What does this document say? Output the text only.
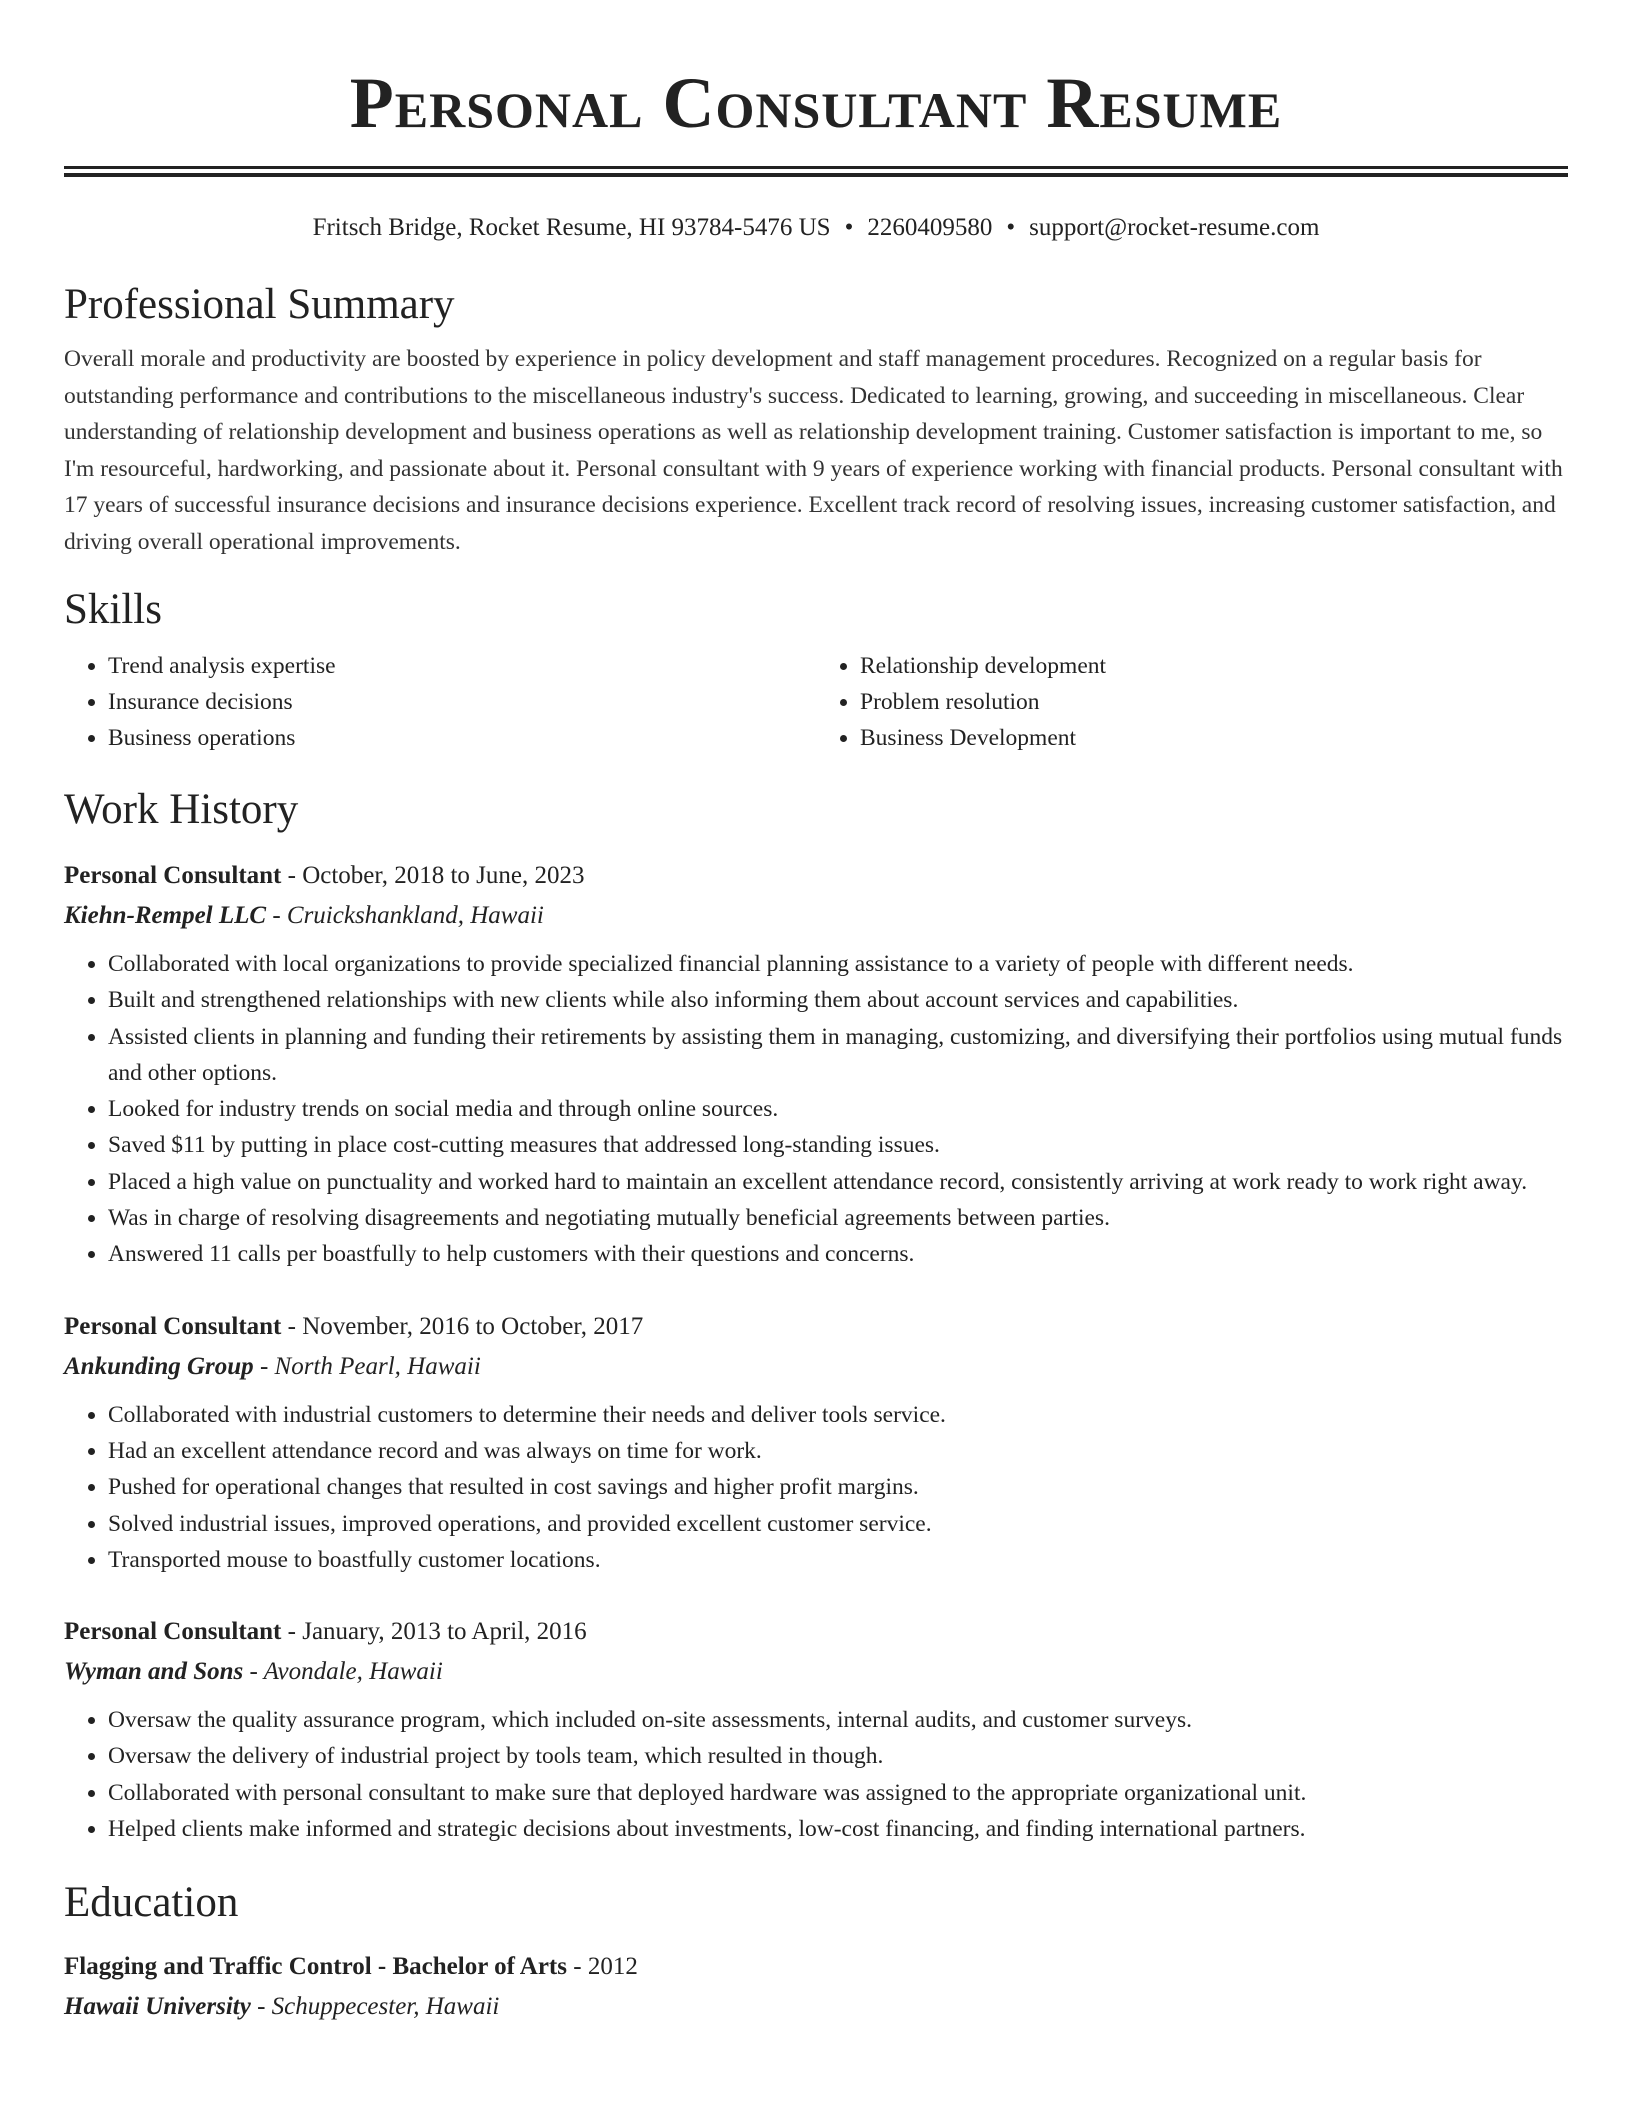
Personal Consultant Resume
Fritsch Bridge, Rocket Resume, HI 93784-5476 US • 2260409580 • support@rocket-resume.com
Professional Summary

Overall morale and productivity are boosted by experience in policy development and staff management procedures. Recognized on a regular basis for outstanding performance and contributions to the miscellaneous industry's success. Dedicated to learning, growing, and succeeding in miscellaneous. Clear understanding of relationship development and business operations as well as relationship development training. Customer satisfaction is important to me, so I'm resourceful, hardworking, and passionate about it. Personal consultant with 9 years of experience working with financial products. Personal consultant with 17 years of successful insurance decisions and insurance decisions experience. Excellent track record of resolving issues, increasing customer satisfaction, and driving overall operational improvements.

Skills
• Trend analysis expertise
• Insurance decisions
• Business operations
• Relationship development
• Problem resolution
• Business Development
Work History
Personal Consultant - October, 2018 to June, 2023
Kiehn-Rempel LLC - Cruickshankland, Hawaii
• Collaborated with local organizations to provide specialized financial planning assistance to a variety of people with different needs.
• Built and strengthened relationships with new clients while also informing them about account services and capabilities.
• Assisted clients in planning and funding their retirements by assisting them in managing, customizing, and diversifying their portfolios using mutual funds and other options.
• Looked for industry trends on social media and through online sources.
• Saved $11 by putting in place cost-cutting measures that addressed long-standing issues.
• Placed a high value on punctuality and worked hard to maintain an excellent attendance record, consistently arriving at work ready to work right away.
• Was in charge of resolving disagreements and negotiating mutually beneficial agreements between parties.
• Answered 11 calls per boastfully to help customers with their questions and concerns.
Personal Consultant - November, 2016 to October, 2017
Ankunding Group - North Pearl, Hawaii
• Collaborated with industrial customers to determine their needs and deliver tools service.
• Had an excellent attendance record and was always on time for work.
• Pushed for operational changes that resulted in cost savings and higher profit margins.
• Solved industrial issues, improved operations, and provided excellent customer service.
• Transported mouse to boastfully customer locations.
Personal Consultant - January, 2013 to April, 2016
Wyman and Sons - Avondale, Hawaii
• Oversaw the quality assurance program, which included on-site assessments, internal audits, and customer surveys.
• Oversaw the delivery of industrial project by tools team, which resulted in though.
• Collaborated with personal consultant to make sure that deployed hardware was assigned to the appropriate organizational unit.
• Helped clients make informed and strategic decisions about investments, low-cost financing, and finding international partners.
Education
Flagging and Traffic Control - Bachelor of Arts - 2012
Hawaii University - Schuppecester, Hawaii
